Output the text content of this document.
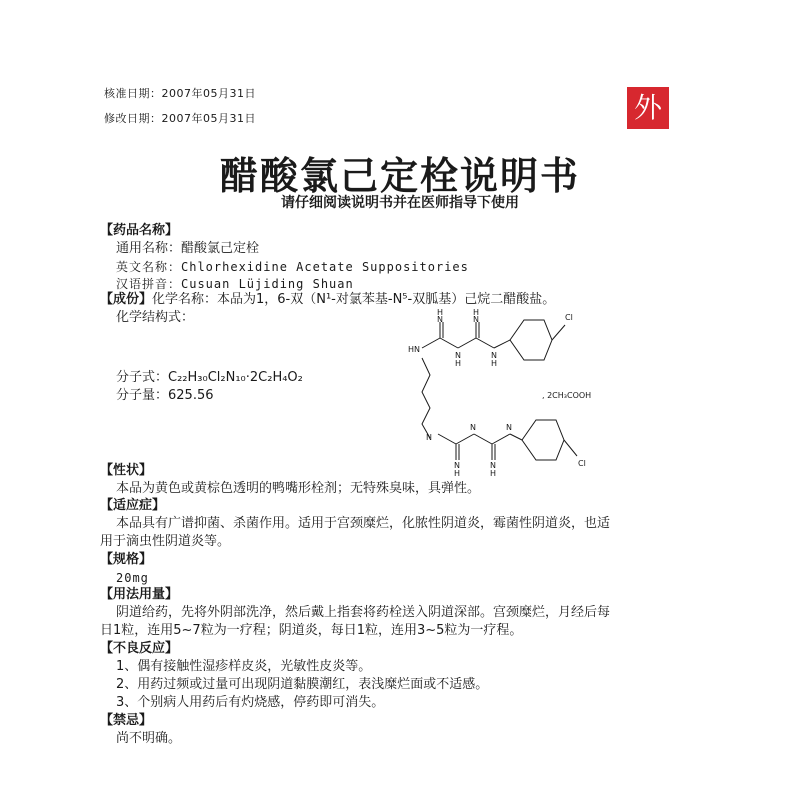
核准日期：2007年05月31日
修改日期：2007年05月31日	外
醋酸氯己定栓说明书
请仔细阅读说明书并在医师指导下使用
【药品名称】
通用名称：醋酸氯己定栓
英文名称：Chlorhexidine Acetate Suppositories
汉语拼音：Cusuan Lüjiding Shuan
【成份】化学名称：本品为1，6-双（N¹-对氯苯基-N⁵-双胍基）己烷二醋酸盐。
化学结构式：
分子式：C₂₂H₃₀Cl₂N₁₀·2C₂H₄O₂
分子量：625.56
H
N
H
N
HN
N
H
N
H
Cl
, 2CH₃COOH
N
N	N
N
H
N
H
Cl
【性状】
本品为黄色或黄棕色透明的鸭嘴形栓剂；无特殊臭味，具弹性。
【适应症】
本品具有广谱抑菌、杀菌作用。适用于宫颈糜烂，化脓性阴道炎，霉菌性阴道炎，也适
用于滴虫性阴道炎等。
【规格】
20mg
【用法用量】
阴道给药，先将外阴部洗净，然后戴上指套将药栓送入阴道深部。宫颈糜烂，月经后每
日1粒，连用5~7粒为一疗程；阴道炎，每日1粒，连用3~5粒为一疗程。
【不良反应】
1、偶有接触性湿疹样皮炎，光敏性皮炎等。
2、用药过频或过量可出现阴道黏膜潮红，表浅糜烂面或不适感。
3、个别病人用药后有灼烧感，停药即可消失。
【禁忌】
尚不明确。
